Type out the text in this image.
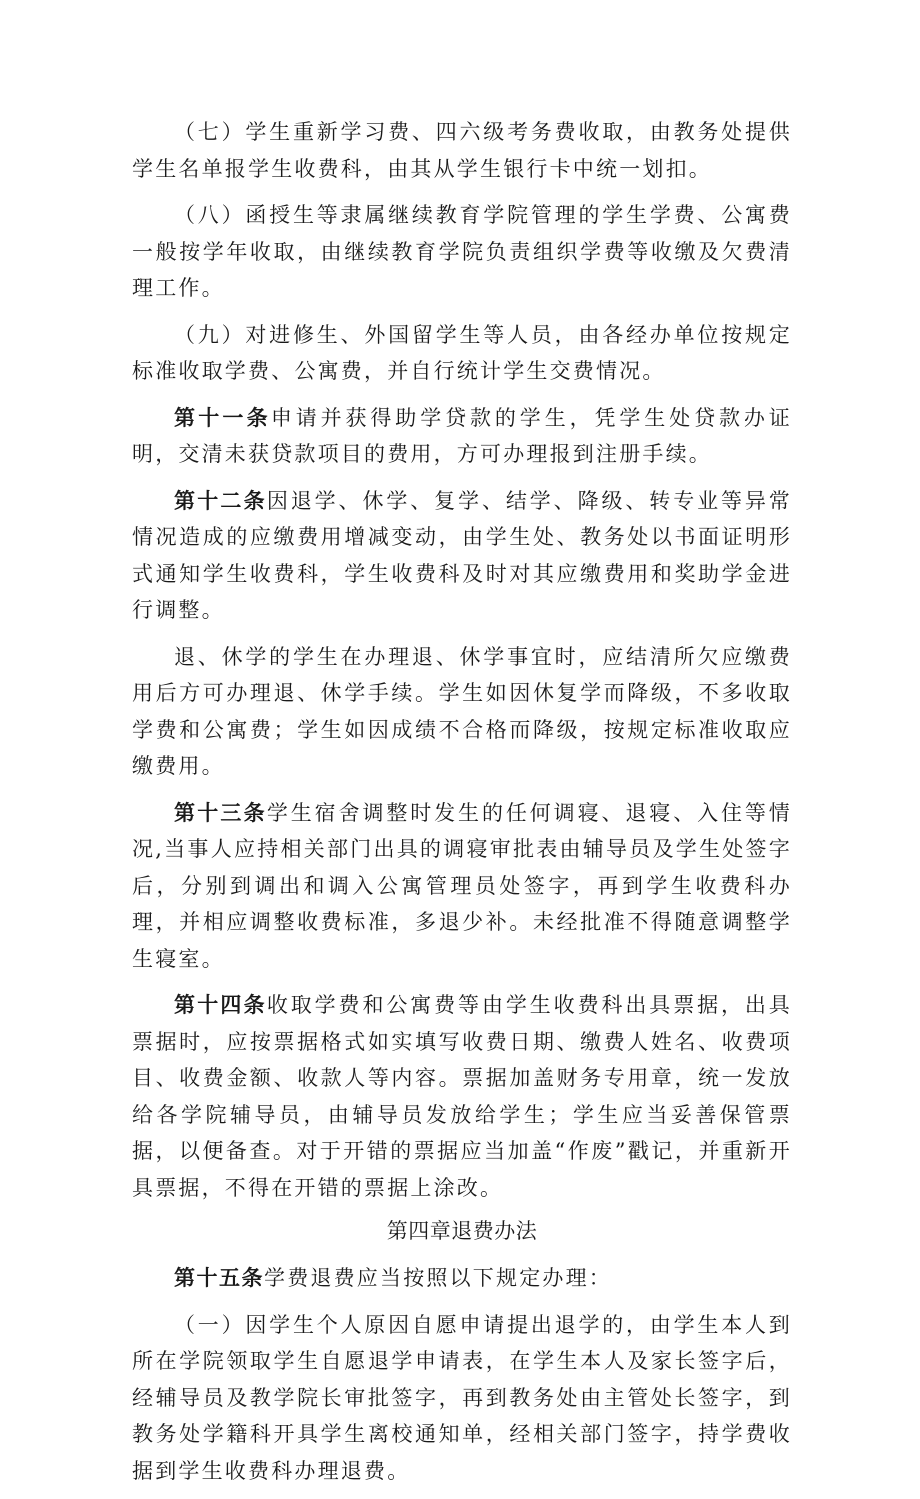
（七）学生重新学习费、四六级考务费收取，由教务处提供学生名单报学生收费科，由其从学生银行卡中统一划扣。

（八）函授生等隶属继续教育学院管理的学生学费、公寓费一般按学年收取，由继续教育学院负责组织学费等收缴及欠费清理工作。

（九）对进修生、外国留学生等人员，由各经办单位按规定标准收取学费、公寓费，并自行统计学生交费情况。

第十一条申请并获得助学贷款的学生，凭学生处贷款办证明，交清未获贷款项目的费用，方可办理报到注册手续。

第十二条因退学、休学、复学、结学、降级、转专业等异常情况造成的应缴费用增减变动，由学生处、教务处以书面证明形式通知学生收费科，学生收费科及时对其应缴费用和奖助学金进行调整。

退、休学的学生在办理退、休学事宜时，应结清所欠应缴费用后方可办理退、休学手续。学生如因休复学而降级，不多收取学费和公寓费；学生如因成绩不合格而降级，按规定标准收取应缴费用。

第十三条学生宿舍调整时发生的任何调寝、退寝、入住等情况,当事人应持相关部门出具的调寝审批表由辅导员及学生处签字后，分别到调出和调入公寓管理员处签字，再到学生收费科办理，并相应调整收费标准，多退少补。未经批准不得随意调整学生寝室。

第十四条收取学费和公寓费等由学生收费科出具票据，出具票据时，应按票据格式如实填写收费日期、缴费人姓名、收费项目、收费金额、收款人等内容。票据加盖财务专用章，统一发放给各学院辅导员，由辅导员发放给学生；学生应当妥善保管票据，以便备查。对于开错的票据应当加盖“作废”戳记，并重新开具票据，不得在开错的票据上涂改。

第四章退费办法

第十五条学费退费应当按照以下规定办理：

（一）因学生个人原因自愿申请提出退学的，由学生本人到所在学院领取学生自愿退学申请表，在学生本人及家长签字后，经辅导员及教学院长审批签字，再到教务处由主管处长签字，到教务处学籍科开具学生离校通知单，经相关部门签字，持学费收据到学生收费科办理退费。
